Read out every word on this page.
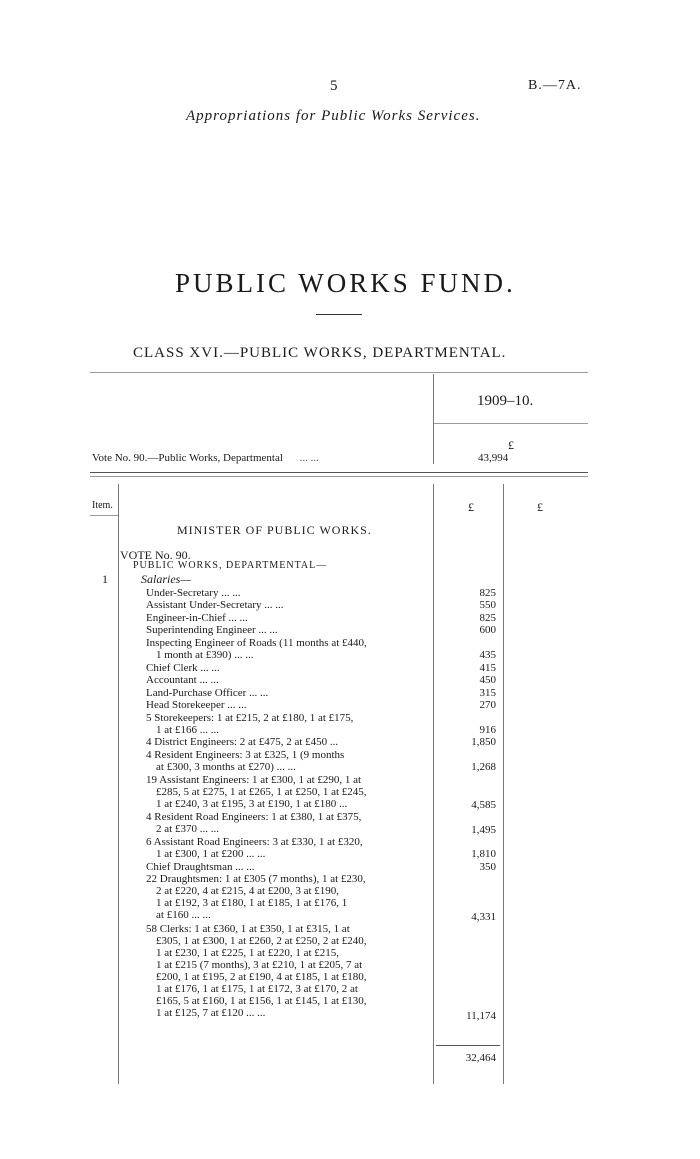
5	B.—7A.
Appropriations for Public Works Services.
PUBLIC WORKS FUND.
CLASS XVI.—PUBLIC WORKS, DEPARTMENTAL.
1909–10.
£
Vote No. 90.—Public Works, Departmental ... ...	43,994
Item.	£	£
MINISTER OF PUBLIC WORKS.
VOTE No. 90.
PUBLIC WORKS, DEPARTMENTAL—
1	Salaries—
Under-Secretary ... ...	825
Assistant Under-Secretary ... ...	550
Engineer-in-Chief ... ...	825
Superintending Engineer ... ...	600
Inspecting Engineer of Roads (11 months at £440,
1 month at £390) ... ...	435
Chief Clerk ... ...	415
Accountant ... ...	450
Land-Purchase Officer ... ...	315
Head Storekeeper ... ...	270
5 Storekeepers: 1 at £215, 2 at £180, 1 at £175,
1 at £166 ... ...	916
4 District Engineers: 2 at £475, 2 at £450 ...	1,850
4 Resident Engineers: 3 at £325, 1 (9 months
at £300, 3 months at £270) ... ...	1,268
19 Assistant Engineers: 1 at £300, 1 at £290, 1 at
£285, 5 at £275, 1 at £265, 1 at £250, 1 at £245,
1 at £240, 3 at £195, 3 at £190, 1 at £180 ...	4,585
4 Resident Road Engineers: 1 at £380, 1 at £375,
2 at £370 ... ...	1,495
6 Assistant Road Engineers: 3 at £330, 1 at £320,
1 at £300, 1 at £200 ... ...	1,810
Chief Draughtsman ... ...	350
22 Draughtsmen: 1 at £305 (7 months), 1 at £230,
2 at £220, 4 at £215, 4 at £200, 3 at £190,
1 at £192, 3 at £180, 1 at £185, 1 at £176, 1
at £160 ... ...	4,331
58 Clerks: 1 at £360, 1 at £350, 1 at £315, 1 at
£305, 1 at £300, 1 at £260, 2 at £250, 2 at £240,
1 at £230, 1 at £225, 1 at £220, 1 at £215,
1 at £215 (7 months), 3 at £210, 1 at £205, 7 at
£200, 1 at £195, 2 at £190, 4 at £185, 1 at £180,
1 at £176, 1 at £175, 1 at £172, 3 at £170, 2 at
£165, 5 at £160, 1 at £156, 1 at £145, 1 at £130,
1 at £125, 7 at £120 ... ...	11,174
32,464
